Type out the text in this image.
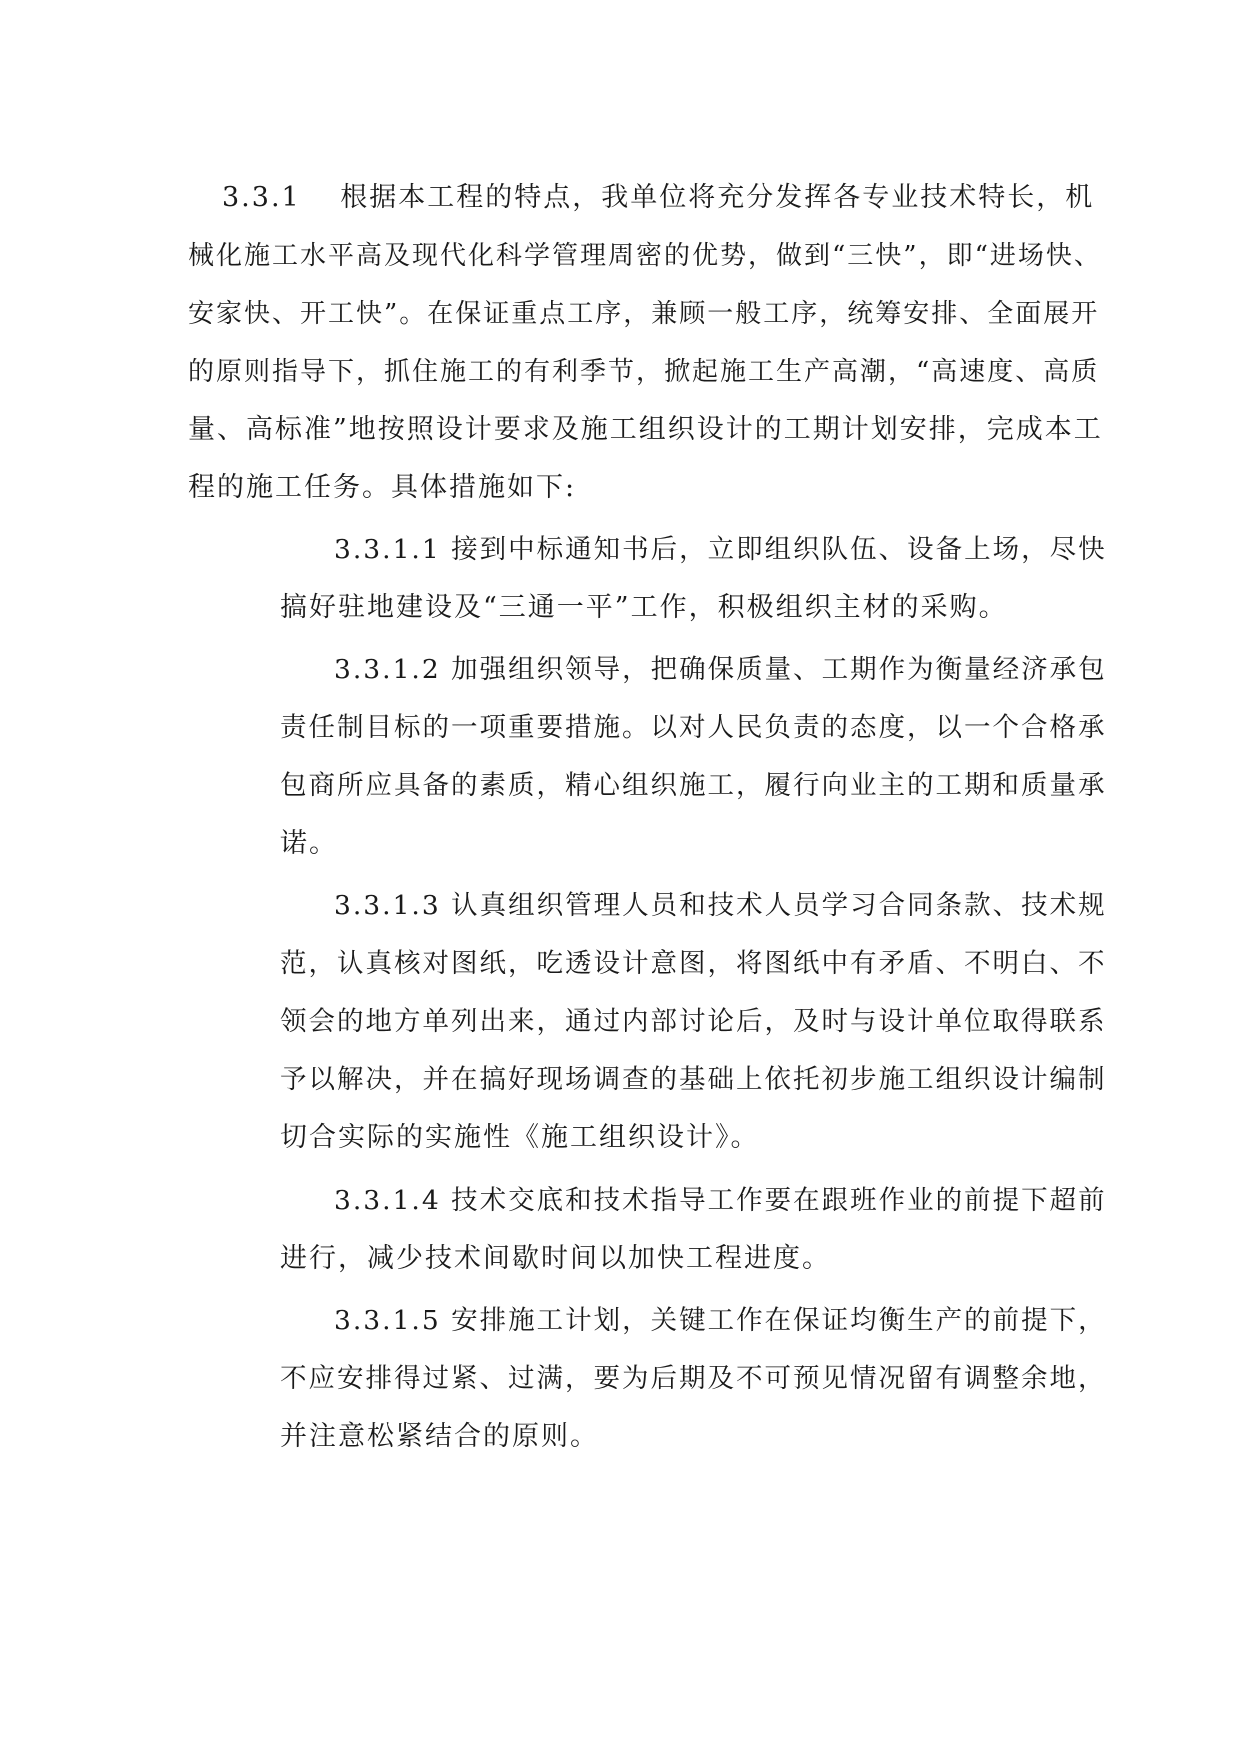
3.3.1　 根据本工程的特点，我单位将充分发挥各专业技术特长，机
械化施工水平高及现代化科学管理周密的优势，做到“三快”，即“进场快、
安家快、开工快”。在保证重点工序，兼顾一般工序，统筹安排、全面展开
的原则指导下，抓住施工的有利季节，掀起施工生产高潮，“高速度、高质
量、高标准”地按照设计要求及施工组织设计的工期计划安排，完成本工
程的施工任务。具体措施如下:
3.3.1.1 接到中标通知书后，立即组织队伍、设备上场，尽快
搞好驻地建设及“三通一平”工作，积极组织主材的采购。
3.3.1.2 加强组织领导，把确保质量、工期作为衡量经济承包
责任制目标的一项重要措施。以对人民负责的态度，以一个合格承
包商所应具备的素质，精心组织施工，履行向业主的工期和质量承
诺。
3.3.1.3 认真组织管理人员和技术人员学习合同条款、技术规
范，认真核对图纸，吃透设计意图，将图纸中有矛盾、不明白、不
领会的地方单列出来，通过内部讨论后，及时与设计单位取得联系
予以解决，并在搞好现场调查的基础上依托初步施工组织设计编制
切合实际的实施性《施工组织设计》。
3.3.1.4 技术交底和技术指导工作要在跟班作业的前提下超前
进行，减少技术间歇时间以加快工程进度。
3.3.1.5 安排施工计划，关键工作在保证均衡生产的前提下，
不应安排得过紧、过满，要为后期及不可预见情况留有调整余地，
并注意松紧结合的原则。
